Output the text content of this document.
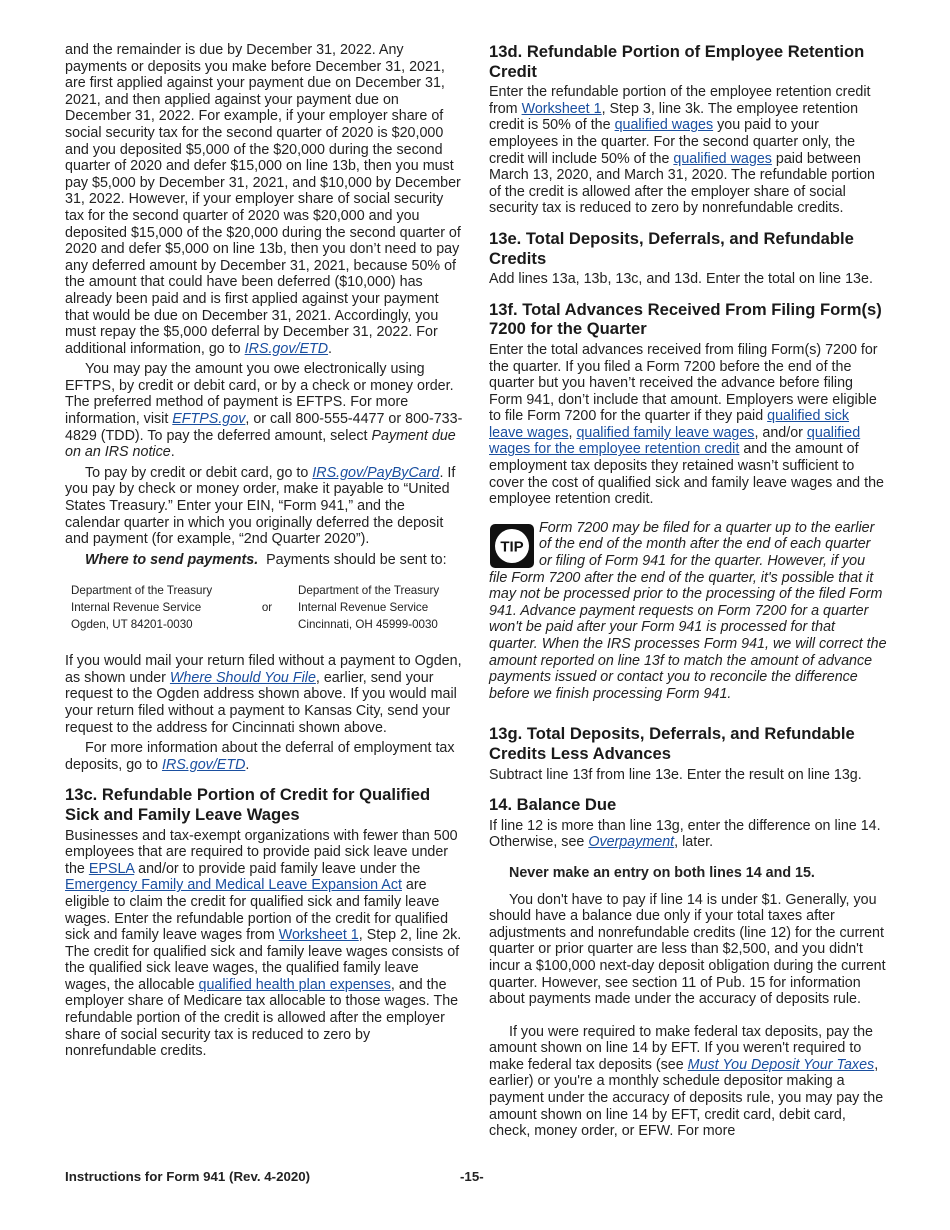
and the remainder is due by December 31, 2022. Any payments or deposits you make before December 31, 2021, are first applied against your payment due on December 31, 2021, and then applied against your payment due on December 31, 2022. For example, if your employer share of social security tax for the second quarter of 2020 is $20,000 and you deposited $5,000 of the $20,000 during the second quarter of 2020 and defer $15,000 on line 13b, then you must pay $5,000 by December 31, 2021, and $10,000 by December 31, 2022. However, if your employer share of social security tax for the second quarter of 2020 was $20,000 and you deposited $15,000 of the $20,000 during the second quarter of 2020 and defer $5,000 on line 13b, then you don’t need to pay any deferred amount by December 31, 2021, because 50% of the amount that could have been deferred ($10,000) has already been paid and is first applied against your payment that would be due on December 31, 2021. Accordingly, you must repay the $5,000 deferral by December 31, 2022. For additional information, go to IRS.gov/ETD.

You may pay the amount you owe electronically using EFTPS, by credit or debit card, or by a check or money order. The preferred method of payment is EFTPS. For more information, visit EFTPS.gov, or call 800-555-4477 or 800-733-4829 (TDD). To pay the deferred amount, select Payment due on an IRS notice.

To pay by credit or debit card, go to IRS.gov/PayByCard. If you pay by check or money order, make it payable to “United States Treasury.” Enter your EIN, “Form 941,” and the calendar quarter in which you originally deferred the deposit and payment (for example, “2nd Quarter 2020”).

Where to send payments.  Payments should be sent to:

Department of the Treasury	or	Department of the Treasury
Internal Revenue Service		Internal Revenue Service
Ogden, UT 84201-0030		Cincinnati, OH 45999-0030

If you would mail your return filed without a payment to Ogden, as shown under Where Should You File, earlier, send your request to the Ogden address shown above. If you would mail your return filed without a payment to Kansas City, send your request to the address for Cincinnati shown above.

For more information about the deferral of employment tax deposits, go to IRS.gov/ETD.

13c. Refundable Portion of Credit for Qualified Sick and Family Leave Wages

Businesses and tax-exempt organizations with fewer than 500 employees that are required to provide paid sick leave under the EPSLA and/or to provide paid family leave under the Emergency Family and Medical Leave Expansion Act are eligible to claim the credit for qualified sick and family leave wages. Enter the refundable portion of the credit for qualified sick and family leave wages from Worksheet 1, Step 2, line 2k. The credit for qualified sick and family leave wages consists of the qualified sick leave wages, the qualified family leave wages, the allocable qualified health plan expenses, and the employer share of Medicare tax allocable to those wages. The refundable portion of the credit is allowed after the employer share of social security tax is reduced to zero by nonrefundable credits.

13d. Refundable Portion of Employee Retention Credit

Enter the refundable portion of the employee retention credit from Worksheet 1, Step 3, line 3k. The employee retention credit is 50% of the qualified wages you paid to your employees in the quarter. For the second quarter only, the credit will include 50% of the qualified wages paid between March 13, 2020, and March 31, 2020. The refundable portion of the credit is allowed after the employer share of social security tax is reduced to zero by nonrefundable credits.

13e. Total Deposits, Deferrals, and Refundable Credits

Add lines 13a, 13b, 13c, and 13d. Enter the total on line 13e.

13f. Total Advances Received From Filing Form(s) 7200 for the Quarter

Enter the total advances received from filing Form(s) 7200 for the quarter. If you filed a Form 7200 before the end of the quarter but you haven’t received the advance before filing Form 941, don’t include that amount. Employers were eligible to file Form 7200 for the quarter if they paid qualified sick leave wages, qualified family leave wages, and/or qualified wages for the employee retention credit and the amount of employment tax deposits they retained wasn’t sufficient to cover the cost of qualified sick and family leave wages and the employee retention credit.

TIP

Form 7200 may be filed for a quarter up to the earlier of the end of the month after the end of each quarter or filing of Form 941 for the quarter. However, if you file Form 7200 after the end of the quarter, it's possible that it may not be processed prior to the processing of the filed Form 941. Advance payment requests on Form 7200 for a quarter won't be paid after your Form 941 is processed for that quarter. When the IRS processes Form 941, we will correct the amount reported on line 13f to match the amount of advance payments issued or contact you to reconcile the difference before we finish processing Form 941.

13g. Total Deposits, Deferrals, and Refundable Credits Less Advances

Subtract line 13f from line 13e. Enter the result on line 13g.

14. Balance Due

If line 12 is more than line 13g, enter the difference on line 14. Otherwise, see Overpayment, later.

Never make an entry on both lines 14 and 15.

You don't have to pay if line 14 is under $1. Generally, you should have a balance due only if your total taxes after adjustments and nonrefundable credits (line 12) for the current quarter or prior quarter are less than $2,500, and you didn't incur a $100,000 next-day deposit obligation during the current quarter. However, see section 11 of Pub. 15 for information about payments made under the accuracy of deposits rule.

If you were required to make federal tax deposits, pay the amount shown on line 14 by EFT. If you weren't required to make federal tax deposits (see Must You Deposit Your Taxes, earlier) or you're a monthly schedule depositor making a payment under the accuracy of deposits rule, you may pay the amount shown on line 14 by EFT, credit card, debit card, check, money order, or EFW. For more

Instructions for Form 941 (Rev. 4-2020)	-15-
